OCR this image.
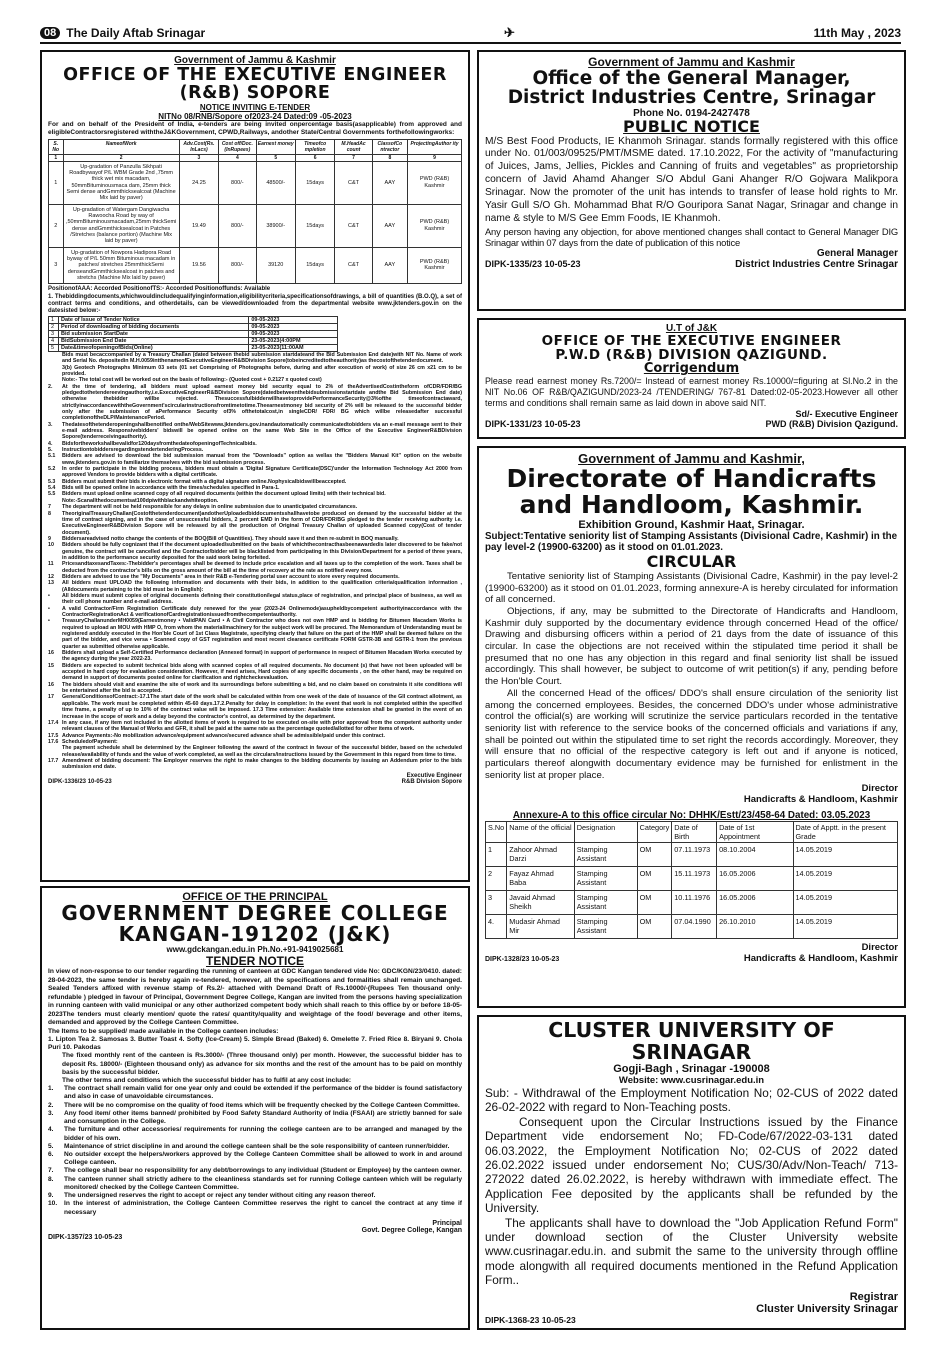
08 The Daily Aftab Srinagar	✈	11th May , 2023
Government of Jammu & Kashmir
OFFICE OF THE EXECUTIVE ENGINEER (R&B) SOPORE
NOTICE INVITING E-TENDER
NITNo 08/RNB/Sopore of2023-24 Dated:09 -05-2023
For and on behalf of the President of India, e-tenders are being invited onpercentage basis(asapplicable) from approved and eligibleContractorsregistered withtheJ&KGovernment, CPWD,Railways, andother State/Central Governments forthefollowingworks:
S. No	NameofWork	Adv.Cost(Rs. InLacs)	Cost off/Doc. (InRupees)	Earnest money	Timeofco mpletion	M.HeadAc count	ClassofCo ntractor	ProjectingAuthor ity
1	2	3	4	5	6	7	8	9
1	Up-gradation of Panzulla Sikhpati Roadbywayof P/L WBM Grade 2nd ,75mm thick wet mix macadam, 50mmBituminousmaca dam, 25mm thick Semi dense andGmmthicksealcoat (Machine Mix laid by paver)	24.25	800/-	48500/-	15days	C&T	AAY	PWD (R&B) Kashmir
2	Up-gradation of Watergam Dangiwacha Rawoocha Road by way of ,50mmBituminousmacadam,25mm thickSemi dense andGmmthicksealcoat in Patches /Stretches (balance portion) (Machine Mix laid by paver)	19.49	800/-	38900/-	15days	C&T	AAY	PWD (R&B) Kashmir
3	Up-gradation of Nowpora Hadipora Road byway of P/L 50mm Bituminous macadam in patches/ stretches 25mmthickSemi denseandGmmthicksealcoat in patches and stretchs (Machine Mix laid by paver)	19.56	800/-	39120	15days	C&T	AAY	PWD (R&B) Kashmir
PositionofAAA: Accorded PositionofTS:- Accorded Positionoffunds: Available
1. Thebiddingdocuments,whichwouldincludequalifyinginformation,eligibilitycriteria,specificationsofdrawings, a bill of quantities (B.O.Q), a set of contract terms and conditions, and otherdetails, can be viewed/downloaded from the departmental website www.jktenders.gov.in on the datesisted below:-
1	Date of Issue of Tender Notice	09-05-2023
2	Period of downloading of bidding documents	09-05-2023
3	Bid submission StartDate	09-05-2023
4	BidSubmission End Date	23-05-2023(4:00PM
5	Date&timeofopeningofBids(Online)	23-05-2023(11:00AM
Bids must becaccompanied by a Treasury Challan (dated between thebid submission startdateand the Bid Submission End date)with NIT No. Name of work and Serial No. depositedin M.H.0059intthenameofExecutiveEngineerR&BDivision Sopore(tobeincreditedtotheauthority)as thecostofthetenderdocument.
3(b) Geotech Photographs Minimum 03 sets (01 set Comprising of Photographs before, during and after execution of work) of size 26 cm x21 cm to be provided.
Note:- The total cost will be worked out on the basis of following:- (Quoted cost + 0.2127 x quoted cost)
2.	At the time of tendering, all bidders must upload earnest money bid security equal to 2% of theAdvertisedCostintheform ofCDR/FDR/BG pledgedtothetendereevingauthority,i.e.ExecutiveEngineerR&BDivision Sopore(datedbetweenthebidsubmissionstartdate andthe Bid Submission End date) otherwise thebidder willbe rejected. ThesuccessfulbidderwillhavetoprovidePerformanceSecurity@3%ofthe timeofcontractaward, strictlyinaccordancewiththeGovernment'scircularinstructionsfromtimetotime.Theearnestmoney bid security of 2% will be released to the successful bidder only after the submission of aPerformance Security of3% ofthetotalcost,in singleCDR/ FDR/ BG which willbe releasedafter successful completionoftheDLP/MaintenancePeriod.
3.	Thedatesofthetenderopeningshallbenotified onthe/WebSitewww.jktenders.gov.inandautomatically communicatedtobidders via an e-mail message sent to their e-mail address. Responsivebidders' bidswill be opened online on the same Web Site in the Office of the Executive EngineerR&BDivision Sopore(tenderreceivingauthority).
4.	Bidsfortheworkshallbevalidfor120daysfromthedateofopeningofTechnicalbids.
5.	InstructiontobiddersregardingstendertenderingProcess.
5.1	Bidders are advised to download the bid submission manual from the "Downloads" option as wellas the "Bidders Manual Kit" option on the website www.jktenders.gov.in to familiarize themselves with the bid submission process.
5.2	In order to participate in the bidding process, bidders must obtain a 'Digital Signature Certificate(DSC)'under the Information Technology Act 2000 from approved Vendors to provide bidders with a digital certificate.
5.3	Bidders must submit their bids in electronic format with a digital signature online.Nophysicalbidswillbeaccepted.
5.4	Bids will be opened online in accordance with the times/schedules specified in Para-1.
5.5	Bidders must upload online scanned copy of all required documents (within the document upload limits) with their technical bid.
Note:-Scanallthedocumentsat100dpiwithblackandwhiteoption.
7	The department will not be held responsible for any delays in online submission due to unanticipated circumstances.
8	TheoriginalTreasuryChallan(Costofthetenderdocument)andotherUploadedbiddocumentsshallhavetobe produced on demand by the successful bidder at the time of contract signing, and in the case of unsuccessful bidders, 2 percent EMD in the form of CDR/FDR/BG pledged to the tender receiving authority i.e. ExecutiveEngineerR&BDivision Sopore will be released by all the production of Original Treasury Challan of uploaded Scanned copy(Cost of tender document).
9	Biddersareadvised notto change the contents of the BOQ(Bill of Quantities). They should save it and then re-submit in BOQ manually.
10	Bidders should be fully cognizant that if the document uploaded/submitted on the basis of whichthecontracthasbeenawardedis later discovered to be fake/not genuine, the contract will be cancelled and the Contractor/bidder will be blacklisted from participating in this Division/Department for a period of three years, in addition to the performance security deposited for the said work being forfeited.
11	PricesandtaxesandTaxes:-Thebidder's percentages shall be deemed to include price escalation and all taxes up to the completion of the work. Taxes shall be deducted from the contractor's bills on the gross amount of the bill at the time of recovery at the rate as notified every now.
12	Bidders are advised to use the "My Documents" area in their R&B e-Tendering portal user account to store every required documents.
13	All bidders must UPLOAD the following information and documents with their bids, in addition to the qualification criteria/qualification information ,(Alldocuments pertaining to the bid must be in English):
•	All bidders must submit copies of original documents defining their constitution/legal status,place of registration, and principal place of business, as well as their cell phone number and e-mail address.
•	A valid Contractor/Firm Registration Certificate duly renewed for the year (2023-24 Onlinemode)asupheldbycompetent authorityinaccordance with the ContractorRegistrationAct & verificationofCardregistrationissuedfromthecompetentauthority.
•	TreasuryChallanunderMH0059(Earnestmoney • ValidPAN Card • A Civil Contractor who does not own HMP and is bidding for Bitumen Macadam Works is required to upload an MOU with HMP O, from whom the material/machinery for the subject work will be procured. The Memorandum of Understanding must be registered andduly executed in the Hon'ble Court of 1st Class Magistrate, specifying clearly that failure on the part of the HMP shall be deemed failure on the part of the bidder, and vice versa • Scanned copy of GST registration and most recent clearance certificate FORM GSTR-3B and GSTR-1 from the previous quarter as submitted otherwise applicable.
16	Bidders shall upload a Self-Certified Performance declaration (Annexed format) in support of performance in respect of Bitumen Macadam Works executed by the agency during the year 2022-23.
15	Bidders are expected to submit technical bids along with scanned copies of all required documents. No document (s) that have not been uploaded will be accepted in hard copy for evaluation consideration. However, if need arises, Hard copies of any specific documents , on the other hand, may be required on demand in support of documents posted online for clarification and rightcheckevaluation.
16	The bidders should visit and examine the site of work and its surroundings before submitting a bid, and no claim based on constraints it site conditions will be entertained after the bid is accepted.
17	GeneralConditionsofContract:-17.1The start date of the work shall be calculated within from one week of the date of issuance of the GII contract allotment, as applicable. The work must be completed within 45-60 days.17.2.Penalty for delay in completion: In the event that work is not completed within the specified time frame, a penalty of up to 10% of the contract value will be imposed. 17.3 Time extension: Available time extension shall be granted in the event of an increase in the scope of work and a delay beyond the contractor's control, as determined by the department.
17.4 In any case, if any item not included in the allotted items of work is required to be executed on-site with prior approval from the competent authority under relevant clauses of the Manual of Works and GFR, it shall be paid at the same rate as the percentage quoted/allotted for other items of work.
17.5 Advance Payments:-No mobilization advance/equipment advance/secured advance shall be admissible/paid under this contract.
17.6 ScheduledofPayment:
The payment schedule shall be determined by the Engineer following the award of the contract in favour of the successful bidder, based on the scheduled release/availability of funds and the value of work completed, as well as the circulars/instructions issued by the Government in this regard from time to time.
17.7 Amendment of bidding document: The Employer reserves the right to make changes to the bidding documents by issuing an Addendum prior to the bids submission end date.
Executive Engineer
DIPK-1336/23 10-05-23	R&B Division Sopore
OFFICE OF THE PRINCIPAL
GOVERNMENT DEGREE COLLEGE KANGAN-191202 (J&K)
www.gdckangan.edu.in Ph.No.+91-9419025681
TENDER NOTICE
In view of non-response to our tender regarding the running of canteen at GDC Kangan tendered vide No: GDC/KGN/23/0410. dated: 28-04-2023, the same tender is hereby again re-tendered, however, all the specifications and formalities shall remain unchanged. Sealed Tenders affixed with revenue stamp of Rs.2/- attached with Demand Draft of Rs.10000/-(Rupees Ten thousand only-refundable ) pledged in favour of Principal, Government Degree College, Kangan are invited from the persons having specialization in running canteen with valid municipal or any other authorized competent body which shall reach to this office by or before 18-05-2023The tenders must clearly mention/ quote the rates/ quantity/quality and weightage of the food/ beverage and other items, demanded and approved by the College Canteen Committee.
The Items to be supplied/ made available in the College canteen includes:
1. Lipton Tea 2. Samosas 3. Butter Toast 4. Softy (Ice-Cream) 5. Simple Bread (Baked) 6. Omelette 7. Fried Rice 8. Biryani 9. Chola Puri 10. Pakodas
The fixed monthly rent of the canteen is Rs.3000/- (Three thousand only) per month. However, the successful bidder has to deposit Rs. 18000/- (Eighteen thousand only) as advance for six months and the rest of the amount has to be paid on monthly basis by the successful bidder.
The other terms and conditions which the successful bidder has to fulfil at any cost include:
1.	The contract shall remain valid for one year only and could be extended if the performance of the bidder is found satisfactory and also in case of unavoidable circumstances.
2.	There will be no compromise on the quality of food items which will be frequently checked by the College Canteen Committee.
3.	Any food item/ other items banned/ prohibited by Food Safety Standard Authority of India (FSAAI) are strictly banned for sale and consumption in the College.
4.	The furniture and other accessories/ requirements for running the college canteen are to be arranged and managed by the bidder of his own.
5.	Maintenance of strict discipline in and around the college canteen shall be the sole responsibility of canteen runner/bidder.
6.	No outsider except the helpers/workers approved by the College Canteen Committee shall be allowed to work in and around College canteen.
7.	The college shall bear no responsibility for any debt/borrowings to any individual (Student or Employee) by the canteen owner.
8.	The canteen runner shall strictly adhere to the cleanliness standards set for running College canteen which will be regularly monitored/ checked by the College Canteen Committee.
9.	The undersigned reserves the right to accept or reject any tender without citing any reason thereof.
10.	In the interest of administration, the College Canteen Committee reserves the right to cancel the contract at any time if necessary
Principal
Govt. Degree College, Kangan
DIPK-1357/23 10-05-23
Government of Jammu and Kashmir
Office of the General Manager,
District Industries Centre, Srinagar
Phone No. 0194-2427478
PUBLIC NOTICE
M/S Best Food Products, IE Khanmoh Srinagar. stands formally registered with this office under No. 01/003/09525/PMT/MSME dated. 17.10.2022, For the activity of "manufacturing of Juices, Jams, Jellies, Pickles and Canning of fruits and vegetables" as proprietorship concern of Javid Ahamd Ahanger S/O Abdul Gani Ahanger R/O Gojwara Malikpora Srinagar. Now the promoter of the unit has intends to transfer of lease hold rights to Mr. Yasir Gull S/O Gh. Mohammad Bhat R/O Gouripora Sanat Nagar, Srinagar and change in name & style to M/S Gee Emm Foods, IE Khanmoh.
Any person having any objection, for above mentioned changes shall contact to General Manager DIG Srinagar within 07 days from the date of publication of this notice
General Manager
DIPK-1335/23 10-05-23	District Industries Centre Srinagar
U.T of J&K
OFFICE OF THE EXECUTIVE ENGINEER
P.W.D (R&B) DIVISION QAZIGUND.
Corrigendum
Please read earnest money Rs.7200/= Instead of earnest money Rs.10000/=figuring at Sl.No.2 in the NIT No.06 OF R&B/QAZIGUND/2023-24 /TENDERING/ 767-81 Dated:02-05-2023.However all other terms and conditions shall remain same as laid down in above said NIT.
Sd/- Executive Engineer
DIPK-1331/23 10-05-23	PWD (R&B) Division Qazigund.
Government of Jammu and Kashmir,
Directorate of Handicrafts
and Handloom, Kashmir.
Exhibition Ground, Kashmir Haat, Srinagar.
Subject:Tentative seniority list of Stamping Assistants (Divisional Cadre, Kashmir) in the pay level-2 (19900-63200) as it stood on 01.01.2023.
CIRCULAR
Tentative seniority list of Stamping Assistants (Divisional Cadre, Kashmir) in the pay level-2 (19900-63200) as it stood on 01.01.2023, forming annexure-A is hereby circulated for information of all concerned.
Objections, if any, may be submitted to the Directorate of Handicrafts and Handloom, Kashmir duly supported by the documentary evidence through concerned Head of the office/ Drawing and disbursing officers within a period of 21 days from the date of issuance of this circular. In case the objections are not received within the stipulated time period it shall be presumed that no one has any objection in this regard and final seniority list shall be issued accordingly. This shall however, be subject to outcome of writ petition(s) if any, pending before the Hon'ble Court.
All the concerned Head of the offices/ DDO's shall ensure circulation of the seniority list among the concerned employees. Besides, the concerned DDO's under whose administrative control the official(s) are working will scrutinize the service particulars recorded in the tentative seniority list with reference to the service books of the concerned officials and variations if any, shall be pointed out within the stipulated time to set right the records accordingly. Moreover, they will ensure that no official of the respective category is left out and if anyone is noticed, particulars thereof alongwith documentary evidence may be furnished for enlistment in the seniority list at proper place.
Director
Handicrafts & Handloom, Kashmir
Annexure-A to this office circular No: DHHK/Estt/23/458-64 Dated: 03.05.2023
S.No	Name of the official	Designation	Category	Date of Birth	Date of 1st Appointment	Date of Apptt. in the present Grade
1	Zahoor Ahmad Darzi	Stamping Assistant	OM	07.11.1973	08.10.2004	14.05.2019
2	Fayaz Ahmad Baba	Stamping Assistant	OM	15.11.1973	16.05.2006	14.05.2019
3	Javaid Ahmad Sheikh	Stamping Assistant	OM	10.11.1976	16.05.2006	14.05.2019
4.	Mudasir Ahmad Mir	Stamping Assistant	OM	07.04.1990	26.10.2010	14.05.2019
Director
DIPK-1328/23 10-05-23	Handicrafts & Handloom, Kashmir
CLUSTER UNIVERSITY OF SRINAGAR
Gogji-Bagh , Srinagar -190008
Website: www.cusrinagar.edu.in
Sub: - Withdrawal of the Employment Notification No; 02-CUS of 2022 dated 26-02-2022 with regard to Non-Teaching posts.
Consequent upon the Circular Instructions issued by the Finance Department vide endorsement No; FD-Code/67/2022-03-131 dated 06.03.2022, the Employment Notification No; 02-CUS of 2022 dated 26.02.2022 issued under endorsement No; CUS/30/Adv/Non-Teach/ 713-272022 dated 26.02.2022, is hereby withdrawn with immediate effect. The Application Fee deposited by the applicants shall be refunded by the University.
The applicants shall have to download the "Job Application Refund Form" under download section of the Cluster University website www.cusrinagar.edu.in. and submit the same to the university through offline mode alongwith all required documents mentioned in the Refund Application Form..
Registrar
Cluster University Srinagar
DIPK-1368-23 10-05-23
